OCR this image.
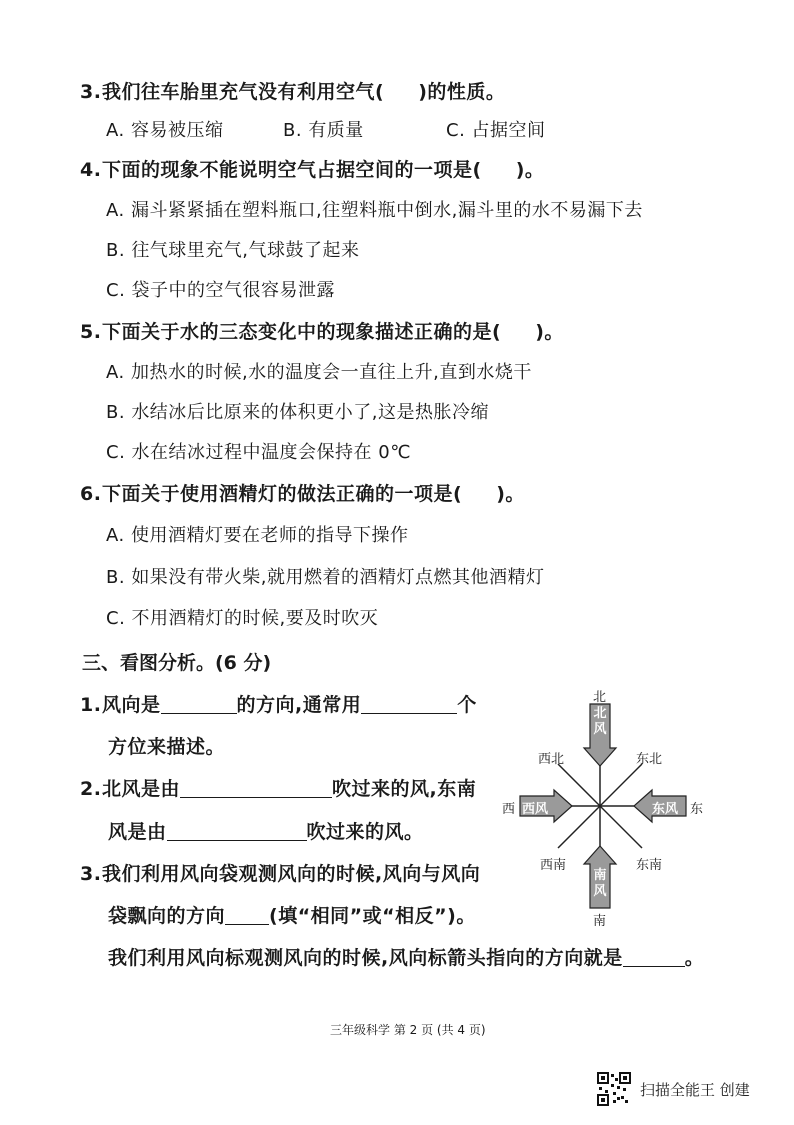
3.我们往车胎里充气没有利用空气( )的性质。
A. 容易被压缩	B. 有质量	C. 占据空间
4.下面的现象不能说明空气占据空间的一项是( )。
A. 漏斗紧紧插在塑料瓶口,往塑料瓶中倒水,漏斗里的水不易漏下去
B. 往气球里充气,气球鼓了起来
C. 袋子中的空气很容易泄露
5.下面关于水的三态变化中的现象描述正确的是( )。
A. 加热水的时候,水的温度会一直往上升,直到水烧干
B. 水结冰后比原来的体积更小了,这是热胀冷缩
C. 水在结冰过程中温度会保持在 0℃
6.下面关于使用酒精灯的做法正确的一项是( )。
A. 使用酒精灯要在老师的指导下操作
B. 如果没有带火柴,就用燃着的酒精灯点燃其他酒精灯
C. 不用酒精灯的时候,要及时吹灭
三、看图分析。(6 分)
1.风向是	的方向,通常用	个
方位来描述。
2.北风是由	吹过来的风,东南
风是由	吹过来的风。
3.我们利用风向袋观测风向的时候,风向与风向
袋飘向的方向 (填“相同”或“相反”)。
我们利用风向标观测风向的时候,风向标箭头指向的方向就是	。
北
风
南
风
西风	东风
北
南
西	东
西北	东北
西南	东南
三年级科学 第 2 页 (共 4 页)
扫描全能王 创建
